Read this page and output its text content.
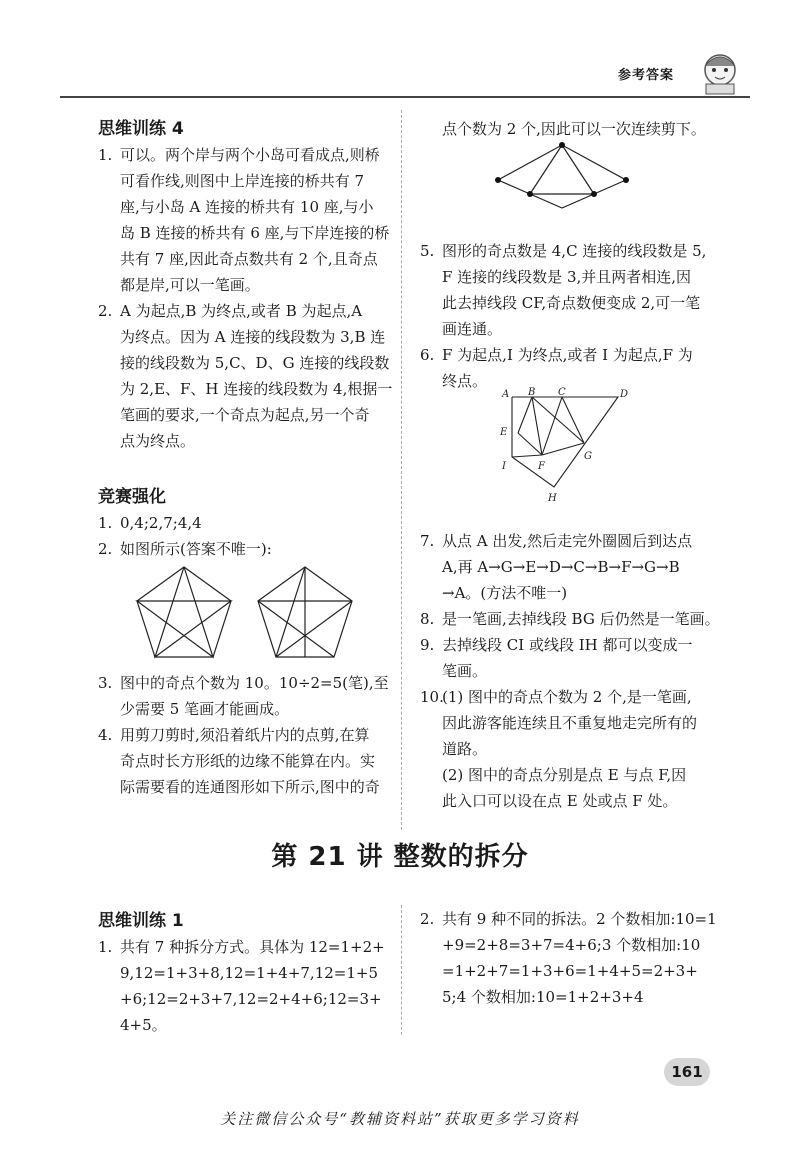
参考答案

思维训练 4

1. 可以。两个岸与两个小岛可看成点,则桥

可看作线,则图中上岸连接的桥共有 7

座,与小岛 A 连接的桥共有 10 座,与小

岛 B 连接的桥共有 6 座,与下岸连接的桥

共有 7 座,因此奇点数共有 2 个,且奇点

都是岸,可以一笔画。

2. A 为起点,B 为终点,或者 B 为起点,A

为终点。因为 A 连接的线段数为 3,B 连

接的线段数为 5,C、D、G 连接的线段数

为 2,E、F、H 连接的线段数为 4,根据一

笔画的要求,一个奇点为起点,另一个奇

点为终点。

竞赛强化

1. 0,4;2,7;4,4

2. 如图所示(答案不唯一):

3. 图中的奇点个数为 10。10÷2=5(笔),至

少需要 5 笔画才能画成。

4. 用剪刀剪时,须沿着纸片内的点剪,在算

奇点时长方形纸的边缘不能算在内。实

际需要看的连通图形如下所示,图中的奇

点个数为 2 个,因此可以一次连续剪下。

5. 图形的奇点数是 4,C 连接的线段数是 5,

F 连接的线段数是 3,并且两者相连,因

此去掉线段 CF,奇点数便变成 2,可一笔

画连通。

6. F 为起点,I 为终点,或者 I 为起点,F 为

终点。

7. 从点 A 出发,然后走完外圈圆后到达点

A,再 A→G→E→D→C→B→F→G→B

→A。(方法不唯一)

8. 是一笔画,去掉线段 BG 后仍然是一笔画。

9. 去掉线段 CI 或线段 IH 都可以变成一

笔画。

10.(1) 图中的奇点个数为 2 个,是一笔画,

因此游客能连续且不重复地走完所有的

道路。

(2) 图中的奇点分别是点 E 与点 F,因

此入口可以设在点 E 处或点 F 处。

A B C	D
E
I	F
G
H
第 21 讲 整数的拆分

思维训练 1

1. 共有 7 种拆分方式。具体为 12=1+2+

9,12=1+3+8,12=1+4+7,12=1+5

+6;12=2+3+7,12=2+4+6;12=3+

4+5。

2. 共有 9 种不同的拆法。2 个数相加:10=1

+9=2+8=3+7=4+6;3 个数相加:10

=1+2+7=1+3+6=1+4+5=2+3+

5;4 个数相加:10=1+2+3+4

161
关注微信公众号“教辅资料站”获取更多学习资料
